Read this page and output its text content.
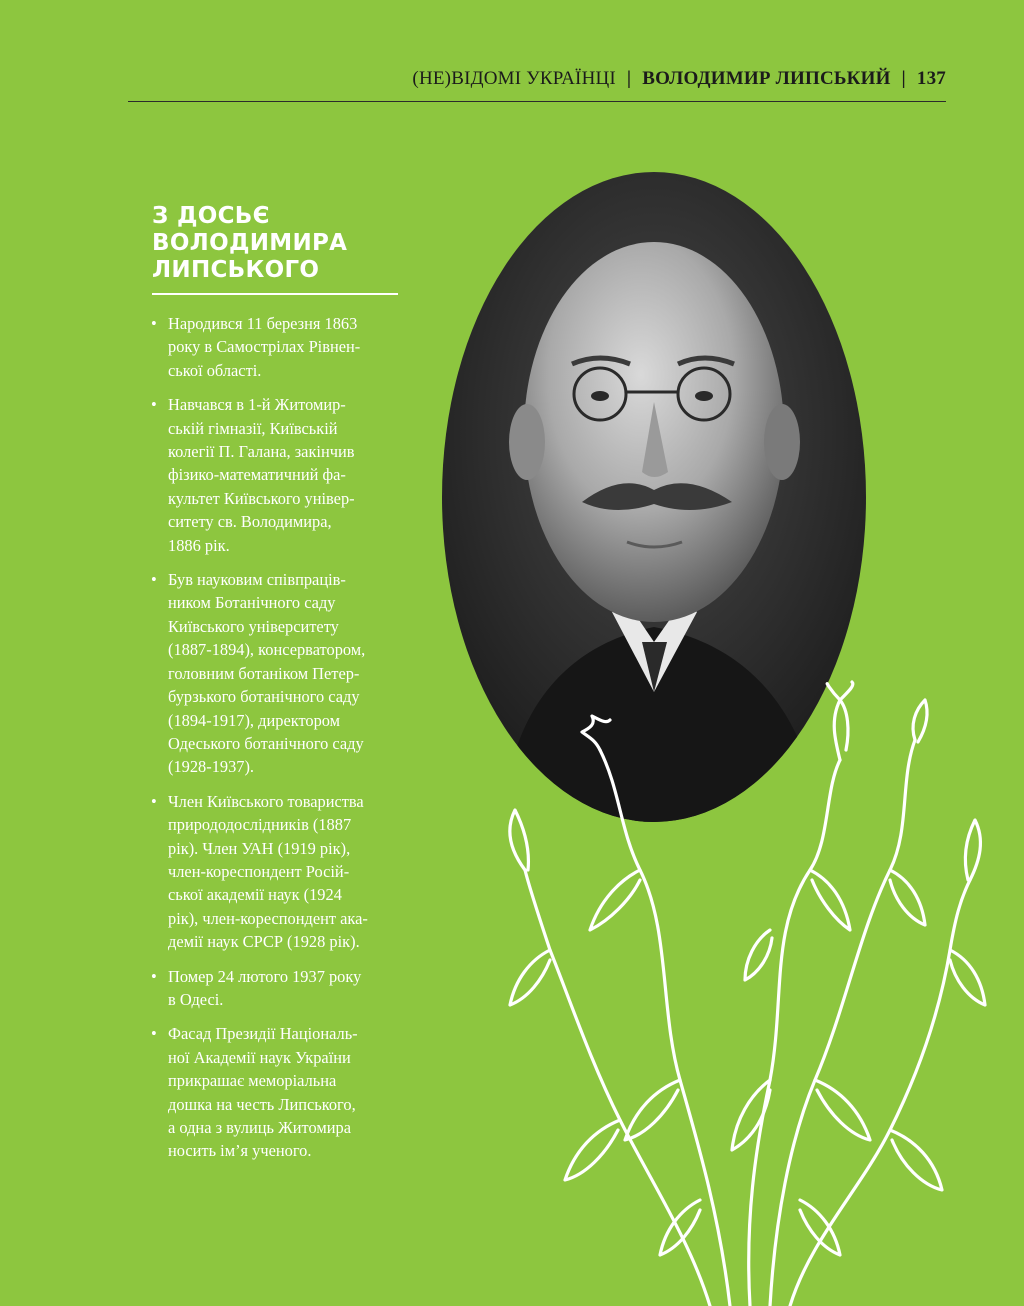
(НЕ)ВІДОМІ УКРАЇНЦІ | ВОЛОДИМИР ЛИПСЬКИЙ | 137
З ДОСЬЄ
ВОЛОДИМИРА
ЛИПСЬКОГО
• Народився 11 березня 1863
року в Самострілах Рівнен-
ської області.
• Навчався в 1-й Житомир-
ській гімназії, Київській
колегії П. Галана, закінчив
фізико-математичний фа-
культет Київського універ-
ситету св. Володимира,
1886 рік.
• Був науковим співпрацiв-
ником Ботанічного саду
Київського університету
(1887-1894), консерватором,
головним ботаніком Петер-
бурзького ботанічного саду
(1894-1917), директором
Одеського ботанічного саду
(1928-1937).
• Член Київського товариства
природодослідників (1887
рік). Член УАН (1919 рік),
член-кореспондент Росій-
ської академії наук (1924
рік), член-кореспондент ака-
демії наук СРСР (1928 рік).
• Помер 24 лютого 1937 року
в Одесі.
• Фасад Президії Національ-
ної Академії наук України
прикрашає меморіальна
дошка на честь Липського,
а одна з вулиць Житомира
носить ім’я ученого.
